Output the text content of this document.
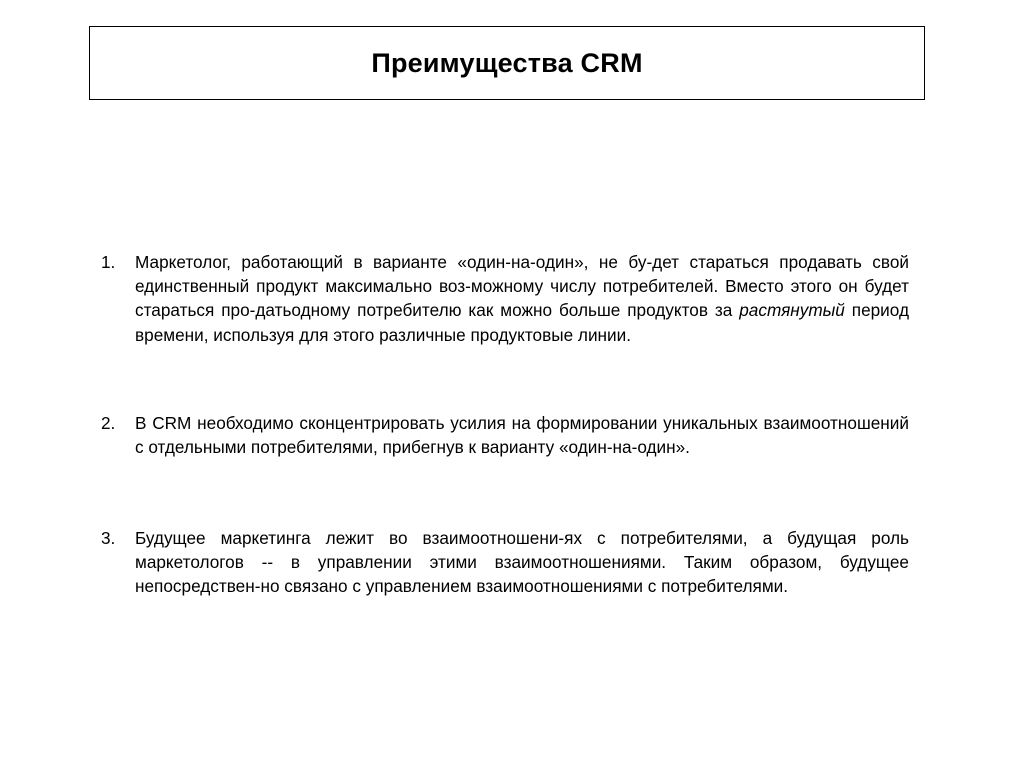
Преимущества CRM
1.	Маркетолог, работающий в варианте «один-на-один», не бу-дет стараться продавать свой единственный продукт максимально воз-можному числу потребителей. Вместо этого он будет стараться про-датьодному потребителю как можно больше продуктов за растянутый период времени, используя для этого различные продуктовые линии.
2.	В CRM необходимо сконцентрировать усилия на формировании уникальных взаимоотношений с отдельными потребителями, прибегнув к варианту «один-на-один».
3.	Будущее маркетинга лежит во взаимоотношени-ях с потребителями, а будущая роль маркетологов -- в управлении этими взаимоотношениями. Таким образом, будущее непосредствен-но связано с управлением взаимоотношениями с потребителями.
